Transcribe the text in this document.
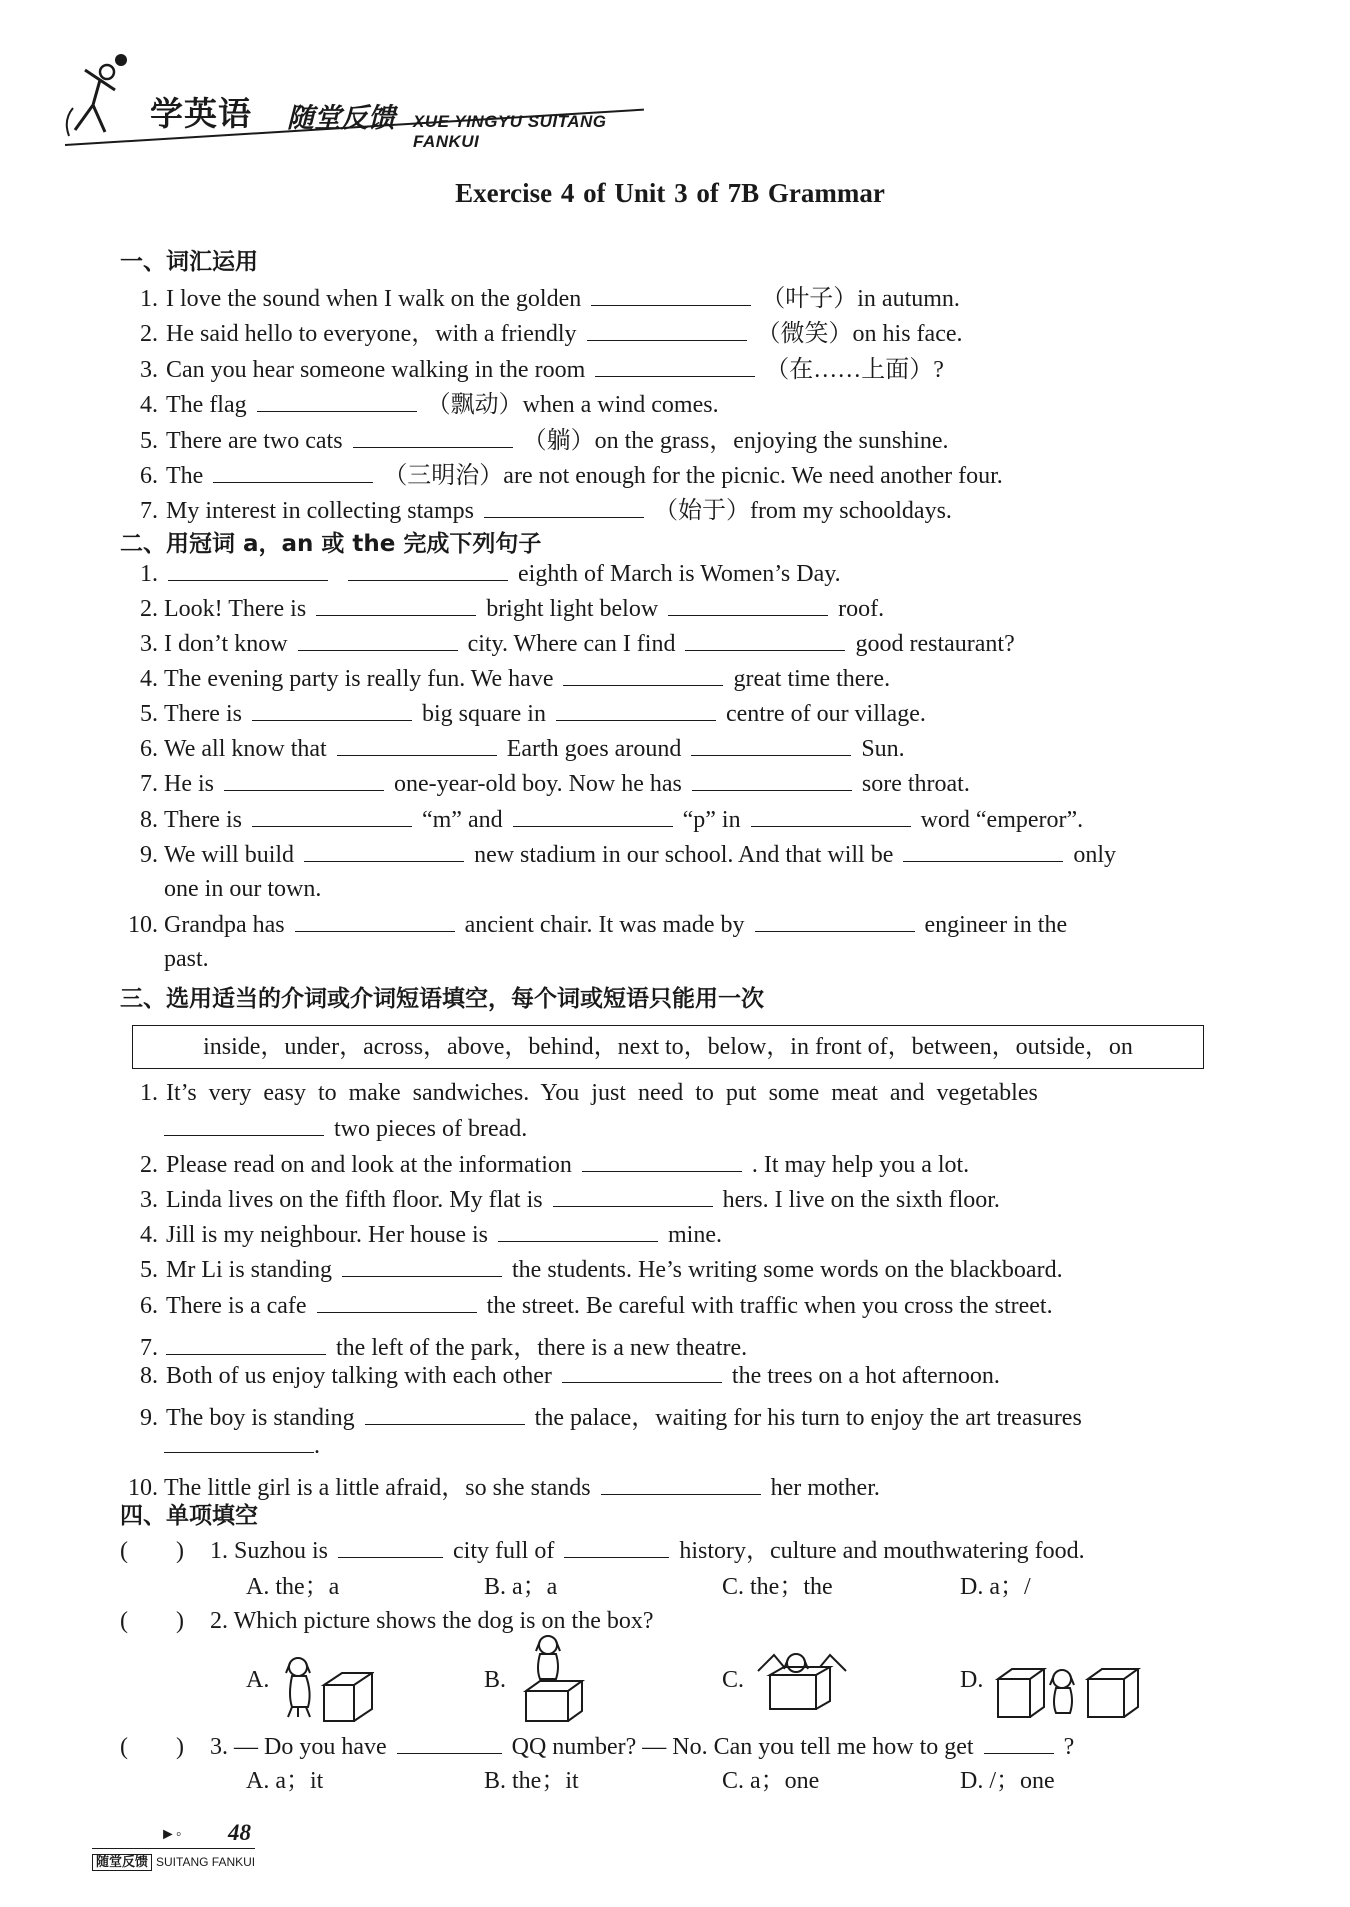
学英语 随堂反馈 XUE YINGYU SUITANG FANKUI
Exercise 4 of Unit 3 of 7B Grammar
一、词汇运用
1. I love the sound when I walk on the golden	（叶子）in autumn.
2. He said hello to everyone，with a friendly	（微笑）on his face.
3. Can you hear someone walking in the room	（在……上面）?
4. The flag	（飘动）when a wind comes.
5. There are two cats	（躺）on the grass，enjoying the sunshine.
6. The	（三明治）are not enough for the picnic. We need another four.
7. My interest in collecting stamps	（始于）from my schooldays.
二、用冠词 a，an 或 the 完成下列句子
1.	eighth of March is Women’s Day.
2. Look! There is	bright light below	roof.
3. I don’t know	city. Where can I find	good restaurant?
4. The evening party is really fun. We have	great time there.
5. There is	big square in	centre of our village.
6. We all know that	Earth goes around	Sun.
7. He is	one-year-old boy. Now he has	sore throat.
8. There is	“m” and	“p” in	word “emperor”.
9. We will build	new stadium in our school. And that will be	only
one in our town.
10. Grandpa has	ancient chair. It was made by	engineer in the
past.
三、选用适当的介词或介词短语填空，每个词或短语只能用一次
inside，under，across，above，behind，next to，below，in front of，between，outside，on
1. It’s very easy to make sandwiches. You just need to put some meat and vegetables
two pieces of bread.
2. Please read on and look at the information	. It may help you a lot.
3. Linda lives on the fifth floor. My flat is	hers. I live on the sixth floor.
4. Jill is my neighbour. Her house is	mine.
5. Mr Li is standing	the students. He’s writing some words on the blackboard.
6. There is a cafe	the street. Be careful with traffic when you cross the street.
7.	the left of the park，there is a new theatre.
8. Both of us enjoy talking with each other	the trees on a hot afternoon.
9. The boy is standing	the palace，waiting for his turn to enjoy the art treasures
.
10. The little girl is a little afraid，so she stands	her mother.
四、单项填空
(　　) 1. Suzhou is	city full of	history，culture and mouthwatering food.
A. the；a	B. a；a	C. the；the	D. a；/
(　　) 2. Which picture shows the dog is on the box?
A.	B.	C.	D.
(　　) 3. — Do you have	QQ number? — No. Can you tell me how to get	?
A. a；it	B. the；it	C. a；one	D. /；one
►◦ 48
随堂反馈 SUITANG FANKUI
